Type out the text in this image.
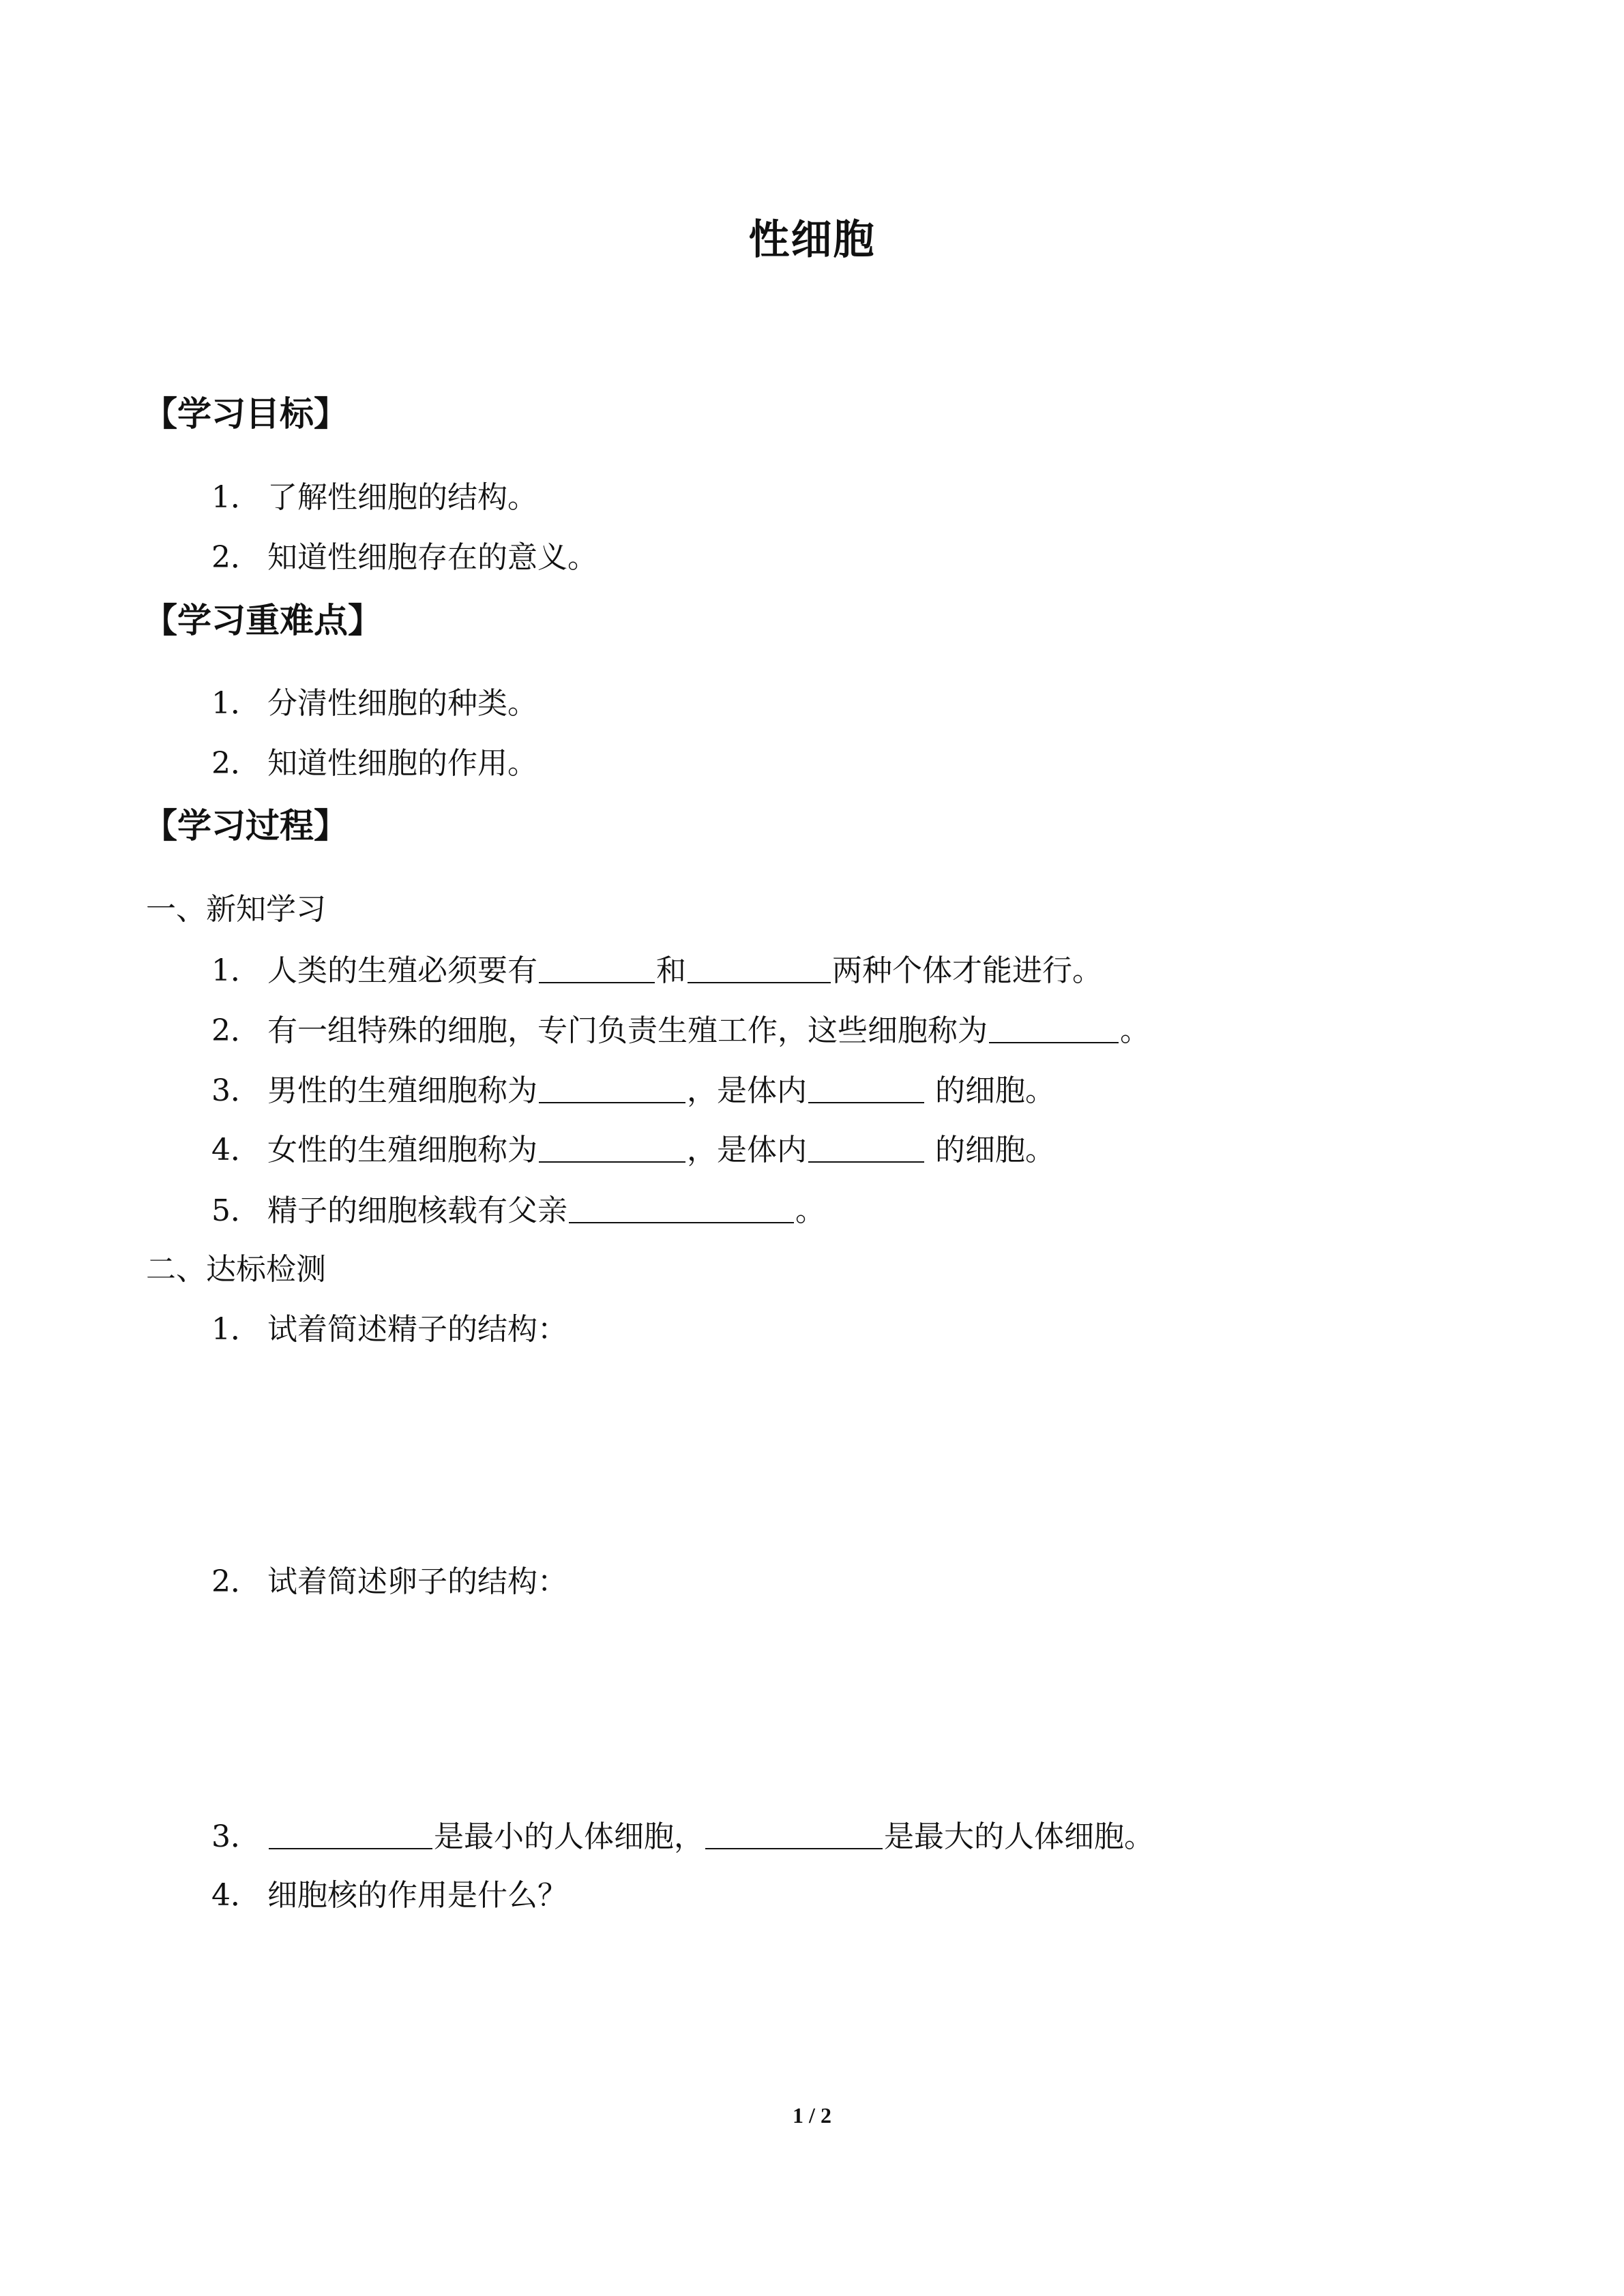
性细胞
【学习目标】
1． 了解性细胞的结构。
2． 知道性细胞存在的意义。
【学习重难点】
1． 分清性细胞的种类。
2． 知道性细胞的作用。
【学习过程】
一、新知学习
1． 人类的生殖必须要有	和	两种个体才能进行。
2． 有一组特殊的细胞，专门负责生殖工作，这些细胞称为	。
3． 男性的生殖细胞称为	，是体内	的细胞。
4． 女性的生殖细胞称为	，是体内	的细胞。
5． 精子的细胞核载有父亲	。
二、达标检测
1． 试着简述精子的结构：
2． 试着简述卵子的结构：
3．	是最小的人体细胞，	是最大的人体细胞。
4． 细胞核的作用是什么？
1 / 2
